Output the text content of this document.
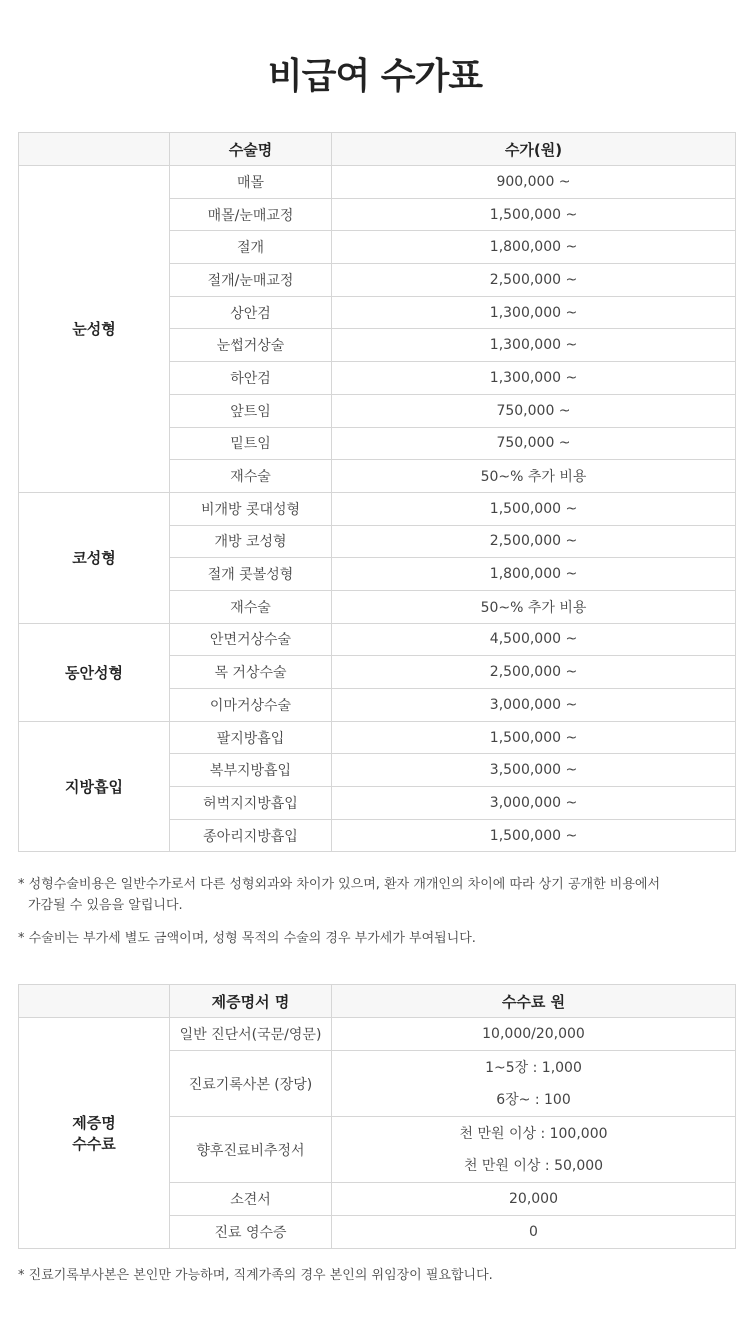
비급여 수가표
	수술명	수가(원)
눈성형	매몰	900,000 ~
	매몰/눈매교정	1,500,000 ~
	절개	1,800,000 ~
	절개/눈매교정	2,500,000 ~
	상안검	1,300,000 ~
	눈썹거상술	1,300,000 ~
	하안검	1,300,000 ~
	앞트임	750,000 ~
	밑트임	750,000 ~
	재수술	50~% 추가 비용
코성형	비개방 콧대성형	1,500,000 ~
	개방 코성형	2,500,000 ~
	절개 콧볼성형	1,800,000 ~
	재수술	50~% 추가 비용
동안성형	안면거상수술	4,500,000 ~
	목 거상수술	2,500,000 ~
	이마거상수술	3,000,000 ~
지방흡입	팔지방흡입	1,500,000 ~
	복부지방흡입	3,500,000 ~
	허벅지지방흡입	3,000,000 ~
	종아리지방흡입	1,500,000 ~

* 성형수술비용은 일반수가로서 다른 성형외과와 차이가 있으며, 환자 개개인의 차이에 따라 상기 공개한 비용에서
가감될 수 있음을 알립니다.

* 수술비는 부가세 별도 금액이며, 성형 목적의 수술의 경우 부가세가 부여됩니다.

	제증명서 명	수수료 원
제증명
수수료	일반 진단서(국문/영문)	10,000/20,000

	진료기록사본 (장당)	1~5장 : 1,000
6장~ : 100

	향후진료비추정서	천 만원 이상 : 100,000
천 만원 이상 : 50,000

	소견서	20,000

	진료 영수증	0

* 진료기록부사본은 본인만 가능하며, 직계가족의 경우 본인의 위임장이 필요합니다.
